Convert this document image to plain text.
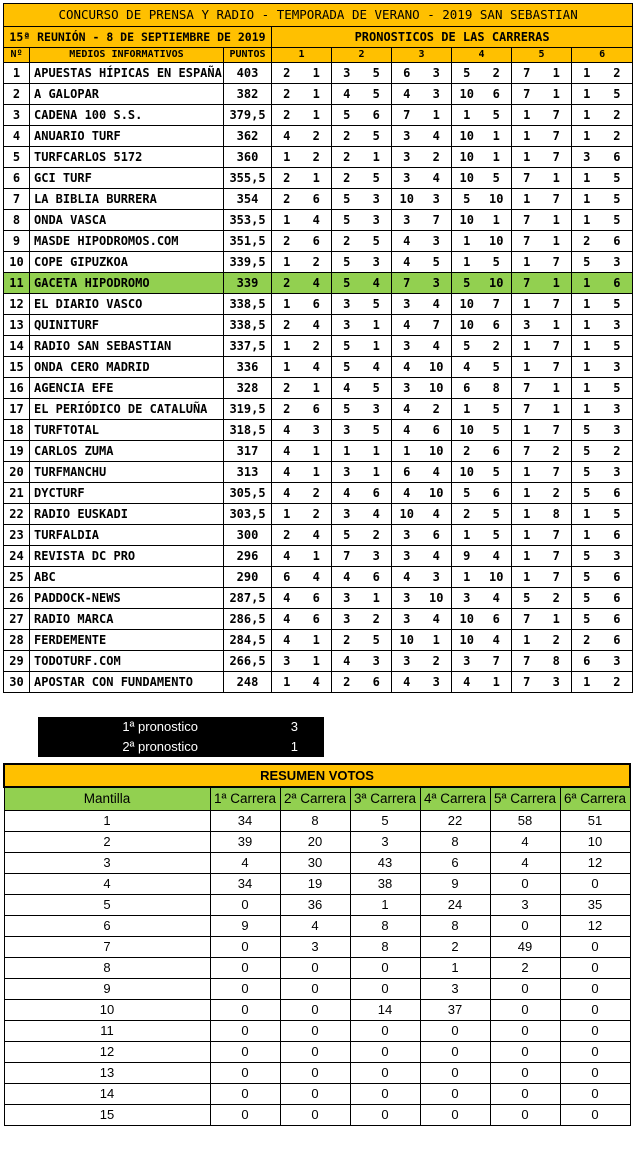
CONCURSO DE PRENSA Y RADIO - TEMPORADA DE VERANO - 2019 SAN SEBASTIAN														
15ª REUNIÓN - 8 DE SEPTIEMBRE DE 2019			PRONOSTICOS DE LAS CARRERAS											
Nº	MEDIOS INFORMATIVOS	PUNTOS	1		2		3		4		5		6	
1	APUESTAS HÍPICAS EN ESPAÑA	403	2	1	3	5	6	3	5	2	7	1	1	2
2	A GALOPAR	382	2	1	4	5	4	3	10	6	7	1	1	5
3	CADENA 100 S.S.	379,5	2	1	5	6	7	1	1	5	1	7	1	2
4	ANUARIO TURF	362	4	2	2	5	3	4	10	1	1	7	1	2
5	TURFCARLOS 5172	360	1	2	2	1	3	2	10	1	1	7	3	6
6	GCI TURF	355,5	2	1	2	5	3	4	10	5	7	1	1	5
7	LA BIBLIA BURRERA	354	2	6	5	3	10	3	5	10	1	7	1	5
8	ONDA VASCA	353,5	1	4	5	3	3	7	10	1	7	1	1	5
9	MASDE HIPODROMOS.COM	351,5	2	6	2	5	4	3	1	10	7	1	2	6
10	COPE GIPUZKOA	339,5	1	2	5	3	4	5	1	5	1	7	5	3
11	GACETA HIPODROMO	339	2	4	5	4	7	3	5	10	7	1	1	6
12	EL DIARIO VASCO	338,5	1	6	3	5	3	4	10	7	1	7	1	5
13	QUINITURF	338,5	2	4	3	1	4	7	10	6	3	1	1	3
14	RADIO SAN SEBASTIAN	337,5	1	2	5	1	3	4	5	2	1	7	1	5
15	ONDA CERO MADRID	336	1	4	5	4	4	10	4	5	1	7	1	3
16	AGENCIA EFE	328	2	1	4	5	3	10	6	8	7	1	1	5
17	EL PERIÓDICO DE CATALUÑA	319,5	2	6	5	3	4	2	1	5	7	1	1	3
18	TURFTOTAL	318,5	4	3	3	5	4	6	10	5	1	7	5	3
19	CARLOS ZUMA	317	4	1	1	1	1	10	2	6	7	2	5	2
20	TURFMANCHU	313	4	1	3	1	6	4	10	5	1	7	5	3
21	DYCTURF	305,5	4	2	4	6	4	10	5	6	1	2	5	6
22	RADIO EUSKADI	303,5	1	2	3	4	10	4	2	5	1	8	1	5
23	TURFALDIA	300	2	4	5	2	3	6	1	5	1	7	1	6
24	REVISTA DC PRO	296	4	1	7	3	3	4	9	4	1	7	5	3
25	ABC	290	6	4	4	6	4	3	1	10	1	7	5	6
26	PADDOCK-NEWS	287,5	4	6	3	1	3	10	3	4	5	2	5	6
27	RADIO MARCA	286,5	4	6	3	2	3	4	10	6	7	1	5	6
28	FERDEMENTE	284,5	4	1	2	5	10	1	10	4	1	2	2	6
29	TODOTURF.COM	266,5	3	1	4	3	3	2	3	7	7	8	6	3
30	APOSTAR CON FUNDAMENTO	248	1	4	2	6	4	3	4	1	7	3	1	2
1ª pronostico	3
2ª pronostico	1
RESUMEN VOTOS						
Mantilla	1ª Carrera	2ª Carrera	3ª Carrera	4ª Carrera	5ª Carrera	6ª Carrera
1	34	8	5	22	58	51
2	39	20	3	8	4	10
3	4	30	43	6	4	12
4	34	19	38	9	0	0
5	0	36	1	24	3	35
6	9	4	8	8	0	12
7	0	3	8	2	49	0
8	0	0	0	1	2	0
9	0	0	0	3	0	0
10	0	0	14	37	0	0
11	0	0	0	0	0	0
12	0	0	0	0	0	0
13	0	0	0	0	0	0
14	0	0	0	0	0	0
15	0	0	0	0	0	0
